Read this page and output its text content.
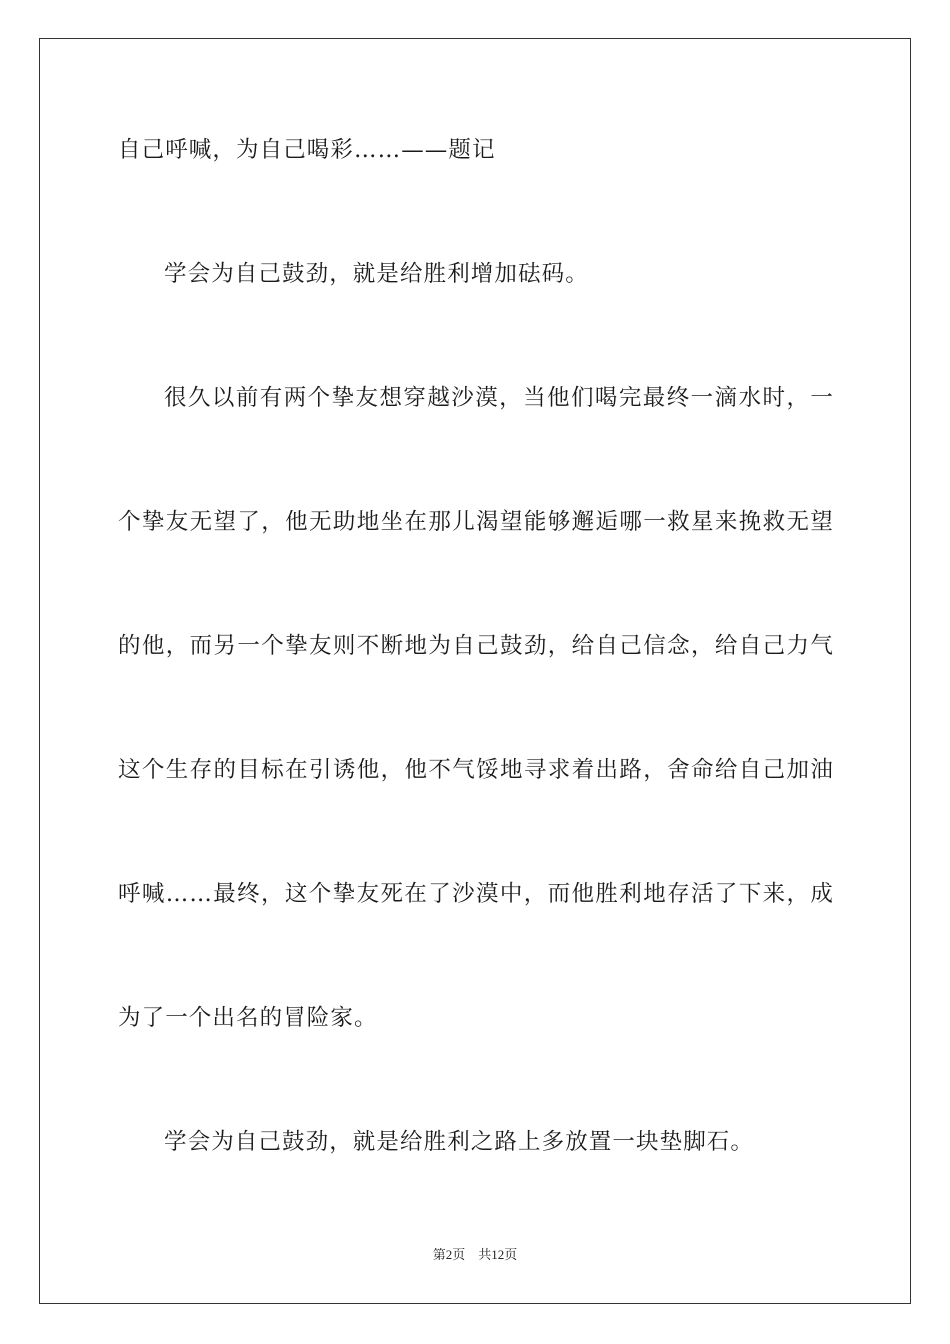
自己呼喊，为自己喝彩……——题记
学会为自己鼓劲，就是给胜利增加砝码。
很久以前有两个挚友想穿越沙漠，当他们喝完最终一滴水时，一
个挚友无望了，他无助地坐在那儿渴望能够邂逅哪一救星来挽救无望
的他，而另一个挚友则不断地为自己鼓劲，给自己信念，给自己力气
这个生存的目标在引诱他，他不气馁地寻求着出路，舍命给自己加油
呼喊……最终，这个挚友死在了沙漠中，而他胜利地存活了下来，成
为了一个出名的冒险家。
学会为自己鼓劲，就是给胜利之路上多放置一块垫脚石。
第2页 共12页
